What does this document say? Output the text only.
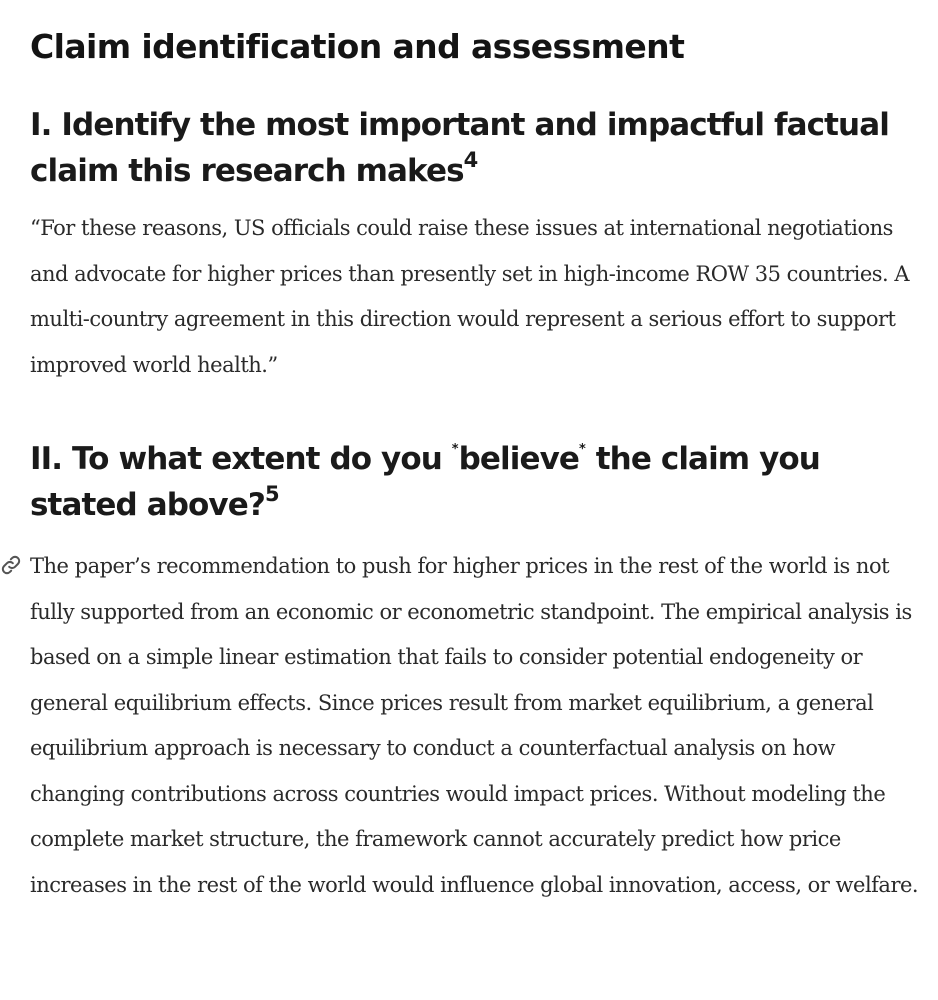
Claim identification and assessment
I. Identify the most important and impactful factual claim this research makes$^4$

“For these reasons, US officials could raise these issues at international negotiations and advocate for higher prices than presently set in high-income ROW 35 countries. A multi-country agreement in this direction would represent a serious effort to support improved world health.”

II. To what extent do you *believe* the claim you stated above?$^5$

The paper’s recommendation to push for higher prices in the rest of the world is not fully supported from an economic or econometric standpoint. The empirical analysis is based on a simple linear estimation that fails to consider potential endogeneity or general equilibrium effects. Since prices result from market equilibrium, a general equilibrium approach is necessary to conduct a counterfactual analysis on how changing contributions across countries would impact prices. Without modeling the complete market structure, the framework cannot accurately predict how price increases in the rest of the world would influence global innovation, access, or welfare.
